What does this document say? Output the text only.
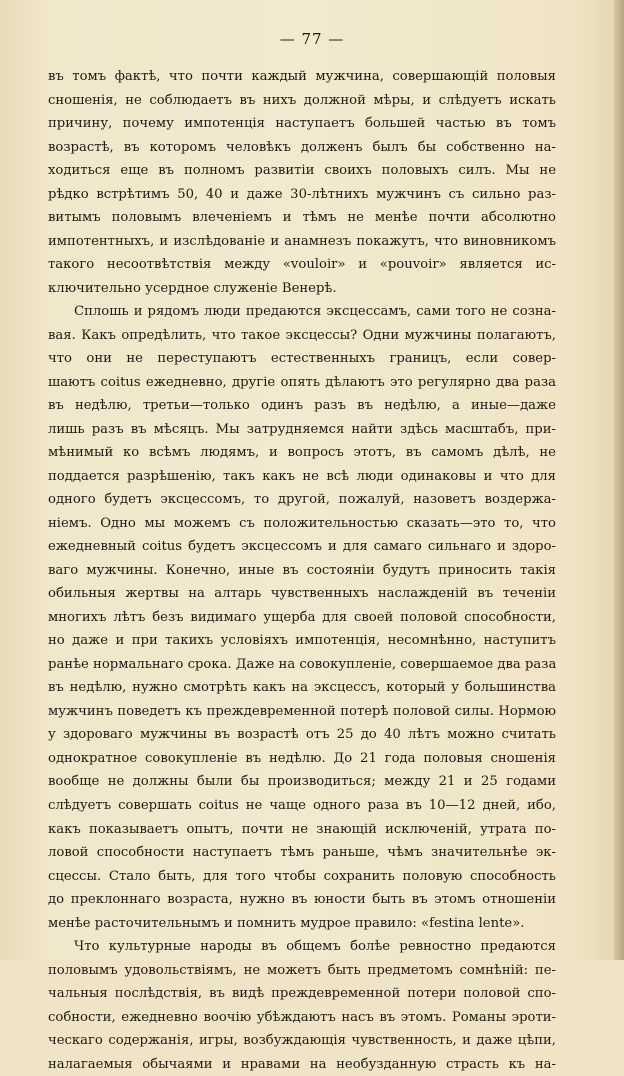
— 77 —
въ томъ фактѣ, что почти каждый мужчина, совершающій половыя
сношенія, не соблюдаетъ въ нихъ должной мѣры, и слѣдуетъ искать
причину, почему импотенція наступаетъ большей частью въ томъ
возрастѣ, въ которомъ человѣкъ долженъ былъ бы собственно на-
ходиться еще въ полномъ развитіи своихъ половыхъ силъ. Мы не
рѣдко встрѣтимъ 50, 40 и даже 30-лѣтнихъ мужчинъ съ сильно раз-
витымъ половымъ влеченіемъ и тѣмъ не менѣе почти абсолютно
импотентныхъ, и изслѣдованіе и анамнезъ покажутъ, что виновникомъ
такого несоотвѣтствія между «vouloir» и «pouvoir» является ис-
ключительно усердное служеніе Венерѣ.
Сплошь и рядомъ люди предаются эксцессамъ, сами того не созна-
вая. Какъ опредѣлить, что такое эксцессы? Одни мужчины полагаютъ,
что они не переступаютъ естественныхъ границъ, если совер-
шаютъ coitus ежедневно, другіе опять дѣлаютъ это регулярно два раза
въ недѣлю, третьи—только одинъ разъ въ недѣлю, а иные—даже
лишь разъ въ мѣсяцъ. Мы затрудняемся найти здѣсь масштабъ, при-
мѣнимый ко всѣмъ людямъ, и вопросъ этотъ, въ самомъ дѣлѣ, не
поддается разрѣшенію, такъ какъ не всѣ люди одинаковы и что для
одного будетъ эксцессомъ, то другой, пожалуй, назоветъ воздержа-
ніемъ. Одно мы можемъ съ положительностью сказать—это то, что
ежедневный coitus будетъ эксцессомъ и для самаго сильнаго и здоро-
ваго мужчины. Конечно, иные въ состояніи будутъ приносить такія
обильныя жертвы на алтарь чувственныхъ наслажденій въ теченіи
многихъ лѣтъ безъ видимаго ущерба для своей половой способности,
но даже и при такихъ условіяхъ импотенція, несомнѣнно, наступитъ
ранѣе нормальнаго срока. Даже на совокупленіе, совершаемое два раза
въ недѣлю, нужно смотрѣть какъ на эксцессъ, который у большинства
мужчинъ поведетъ къ преждевременной потерѣ половой силы. Нормою
у здороваго мужчины въ возрастѣ отъ 25 до 40 лѣтъ можно считать
однократное совокупленіе въ недѣлю. До 21 года половыя сношенія
вообще не должны были бы производиться; между 21 и 25 годами
слѣдуетъ совершать coitus не чаще одного раза въ 10—12 дней, ибо,
какъ показываетъ опытъ, почти не знающій исключеній, утрата по-
ловой способности наступаетъ тѣмъ раньше, чѣмъ значительнѣе эк-
сцессы. Стало быть, для того чтобы сохранить половую способность
до преклоннаго возраста, нужно въ юности быть въ этомъ отношеніи
менѣе расточительнымъ и помнить мудрое правило: «festina lente».
Что культурные народы въ общемъ болѣе ревностно предаются
половымъ удовольствіямъ, не можетъ быть предметомъ сомнѣній: пе-
чальныя послѣдствія, въ видѣ преждевременной потери половой спо-
собности, ежедневно воочію убѣждаютъ насъ въ этомъ. Романы эроти-
ческаго содержанія, игры, возбуждающія чувственность, и даже цѣпи,
налагаемыя обычаями и нравами на необузданную страсть къ на-
